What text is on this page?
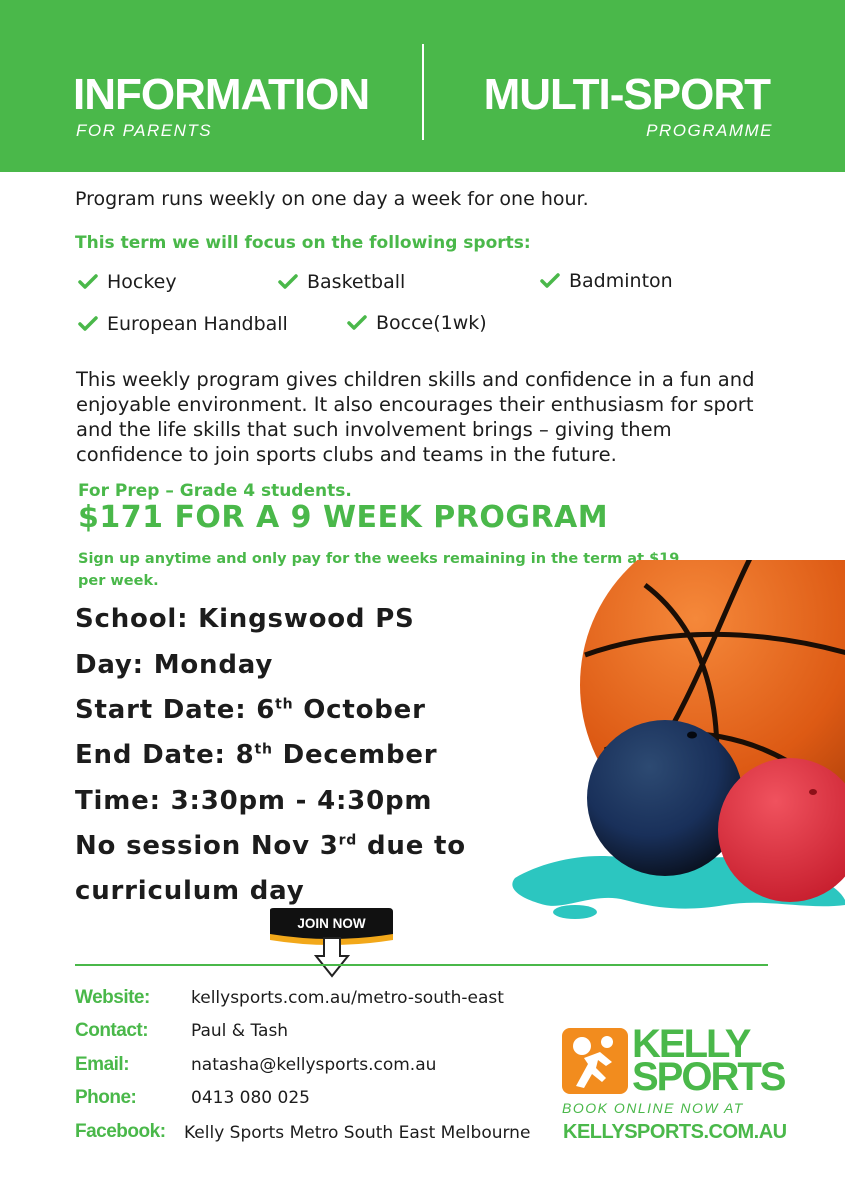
INFORMATION
FOR PARENTS
MULTI-SPORT
PROGRAMME
Program runs weekly on one day a week for one hour.
This term we will focus on the following sports:
Hockey	Basketball	Badminton
European Handball	Bocce(1wk)

This weekly program gives children skills and confidence in a fun and enjoyable environment. It also encourages their enthusiasm for sport and the life skills that such involvement brings – giving them confidence to join sports clubs and teams in the future.

For Prep – Grade 4 students.
$171 FOR A 9 WEEK PROGRAM

Sign up anytime and only pay for the weeks remaining in the term at $19 per week.

School: Kingswood PS
Day: Monday
Start Date: 6th October
End Date: 8th December
Time: 3:30pm - 4:30pm
No session Nov 3rd due to
curriculum day
JOIN NOW
Website: kellysports.com.au/metro-south-east
Contact:	Paul & Tash
Email:	natasha@kellysports.com.au
Phone:	0413 080 025
Facebook: Kelly Sports Metro South East Melbourne
KELLY
SPORTS
BOOK ONLINE NOW AT
KELLYSPORTS.COM.AU
